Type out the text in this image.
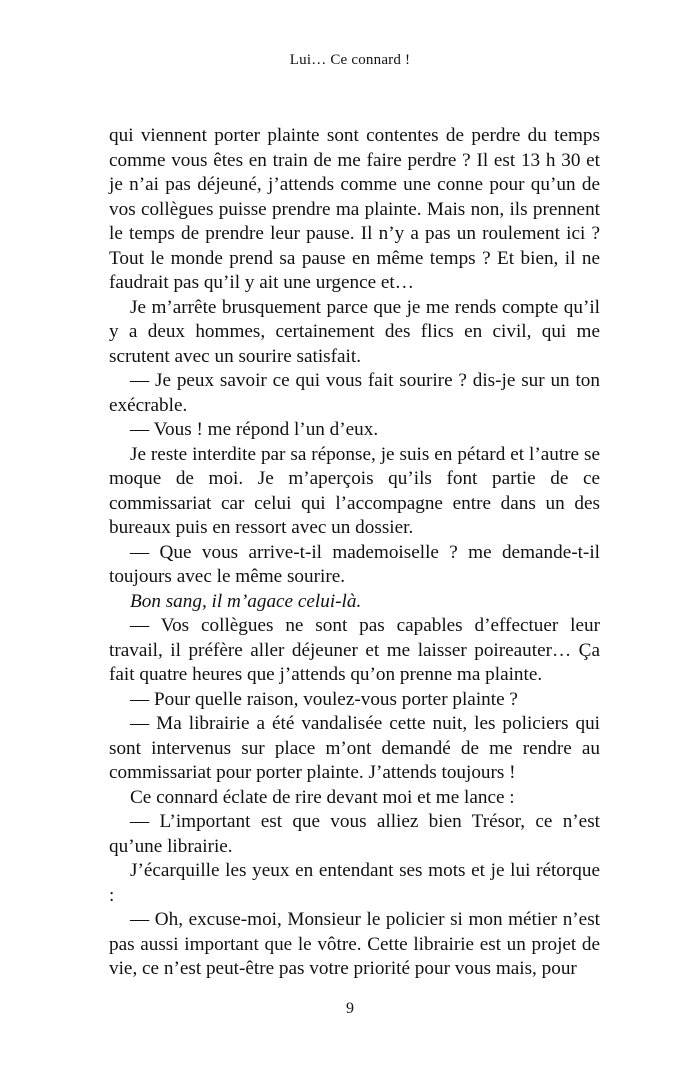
Lui… Ce connard !

qui viennent porter plainte sont contentes de perdre du temps comme vous êtes en train de me faire perdre ? Il est 13 h 30 et je n’ai pas déjeuné, j’attends comme une conne pour qu’un de vos collègues puisse prendre ma plainte. Mais non, ils prennent le temps de prendre leur pause. Il n’y a pas un roulement ici ? Tout le monde prend sa pause en même temps ? Et bien, il ne faudrait pas qu’il y ait une urgence et…

Je m’arrête brusquement parce que je me rends compte qu’il y a deux hommes, certainement des flics en civil, qui me scrutent avec un sourire satisfait.

— Je peux savoir ce qui vous fait sourire ? dis-je sur un ton exécrable.

— Vous ! me répond l’un d’eux.

Je reste interdite par sa réponse, je suis en pétard et l’autre se moque de moi. Je m’aperçois qu’ils font partie de ce commissariat car celui qui l’accompagne entre dans un des bureaux puis en ressort avec un dossier.

— Que vous arrive-t-il mademoiselle ? me demande-t-il toujours avec le même sourire.

Bon sang, il m’agace celui-là.

— Vos collègues ne sont pas capables d’effectuer leur travail, il préfère aller déjeuner et me laisser poireauter… Ça fait quatre heures que j’attends qu’on prenne ma plainte.

— Pour quelle raison, voulez-vous porter plainte ?

— Ma librairie a été vandalisée cette nuit, les policiers qui sont intervenus sur place m’ont demandé de me rendre au commissariat pour porter plainte. J’attends toujours !

Ce connard éclate de rire devant moi et me lance :

— L’important est que vous alliez bien Trésor, ce n’est qu’une librairie.

J’écarquille les yeux en entendant ses mots et je lui rétorque :

— Oh, excuse-moi, Monsieur le policier si mon métier n’est pas aussi important que le vôtre. Cette librairie est un projet de vie, ce n’est peut-être pas votre priorité pour vous mais, pour

9
